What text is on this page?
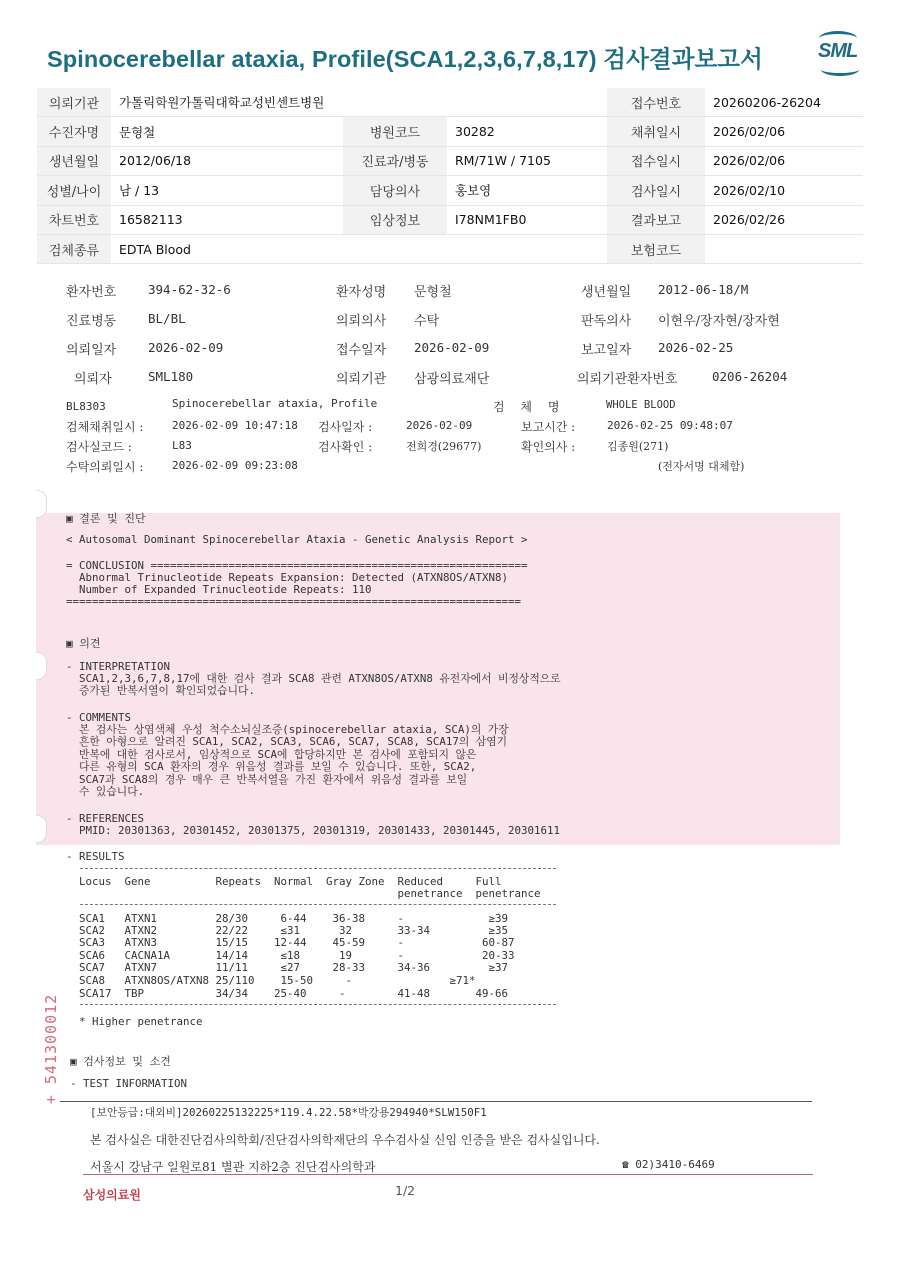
Spinocerebellar ataxia, Profile(SCA1,2,3,6,7,8,17) 검사결과보고서	SML
의뢰기관	가톨릭학원가톨릭대학교성빈센트병원			접수번호	20260206-26204
수진자명	문형철	병원코드	30282	채취일시	2026/02/06
생년월일	2012/06/18	진료과/병동	RM/71W / 7105	접수일시	2026/02/06
성별/나이	남 / 13	담당의사	홍보영	검사일시	2026/02/10
차트번호	16582113	임상정보	I78NM1FB0	결과보고	2026/02/26
검체종류	EDTA Blood			보험코드	
환자번호	394-62-32-6	환자성명 문형철	생년월일 2012-06-18/M
진료병동	BL/BL	의뢰의사 수탁	판독의사 이현우/장자현/장자현
의뢰일자	2026-02-09	접수일자 2026-02-09	보고일자 2026-02-25
의뢰자	SML180	의뢰기관 삼광의료재단	의뢰기관환자번호	0206-26204
BL8303	Spinocerebellar ataxia, Profile	검 체 명	WHOLE BLOOD
검체채취일시 :	2026-02-09 10:47:18 검사일자 :	2026-02-09	보고시간 :	2026-02-25 09:48:07
검사실코드 :	L83	검사확인 :	전희경(29677)	확인의사 :	김종원(271)
수탁의뢰일시 :	2026-02-09 09:23:08	(전자서명 대체함)
▣ 결론 및 진단
< Autosomal Dominant Spinocerebellar Ataxia - Genetic Analysis Report >
= CONCLUSION ==========================================================
Abnormal Trinucleotide Repeats Expansion: Detected (ATXN8OS/ATXN8)
Number of Expanded Trinucleotide Repeats: 110
======================================================================
▣ 의견
- INTERPRETATION
SCA1,2,3,6,7,8,17에 대한 검사 결과 SCA8 관련 ATXN8OS/ATXN8 유전자에서 비정상적으로
증가된 반복서열이 확인되었습니다.
- COMMENTS
본 검사는 상염색체 우성 척수소뇌실조증(spinocerebellar ataxia, SCA)의 가장
흔한 아형으로 알려진 SCA1, SCA2, SCA3, SCA6, SCA7, SCA8, SCA17의 삼염기
반복에 대한 검사로서, 임상적으로 SCA에 합당하지만 본 검사에 포함되지 않은
다른 유형의 SCA 환자의 경우 위음성 결과를 보일 수 있습니다. 또한, SCA2,
SCA7과 SCA8의 경우 매우 큰 반복서열을 가진 환자에서 위음성 결과를 보일
수 있습니다.
- REFERENCES
PMID: 20301363, 20301452, 20301375, 20301319, 20301433, 20301445, 20301611
- RESULTS
Locus  Gene          Repeats  Normal  Gray Zone  Reduced     Full
penetrance  penetrance
SCA1   ATXN1         28/30     6-44    36-38     -             ≥39
SCA2   ATXN2         22/22     ≤31      32       33-34         ≥35
SCA3   ATXN3         15/15    12-44    45-59     -            60-87
SCA6   CACNA1A       14/14     ≤18      19       -            20-33
SCA7   ATXN7         11/11     ≤27     28-33     34-36         ≥37
SCA8   ATXN8OS/ATXN8 25/110    15-50     -               ≥71*
SCA17  TBP           34/34    25-40     -        41-48       49-66
* Higher penetrance
+ 541300012 ▣ 검사정보 및 소견
- TEST INFORMATION
[보안등급:대외비]20260225132225*119.4.22.58*박강용294940*SLW150F1
본 검사실은 대한진단검사의학회/진단검사의학재단의 우수검사실 신임 인증을 받은 검사실입니다.
서울시 강남구 일원로81 별관 지하2층 진단검사의학과	☎ 02)3410-6469
삼성의료원	1/2
